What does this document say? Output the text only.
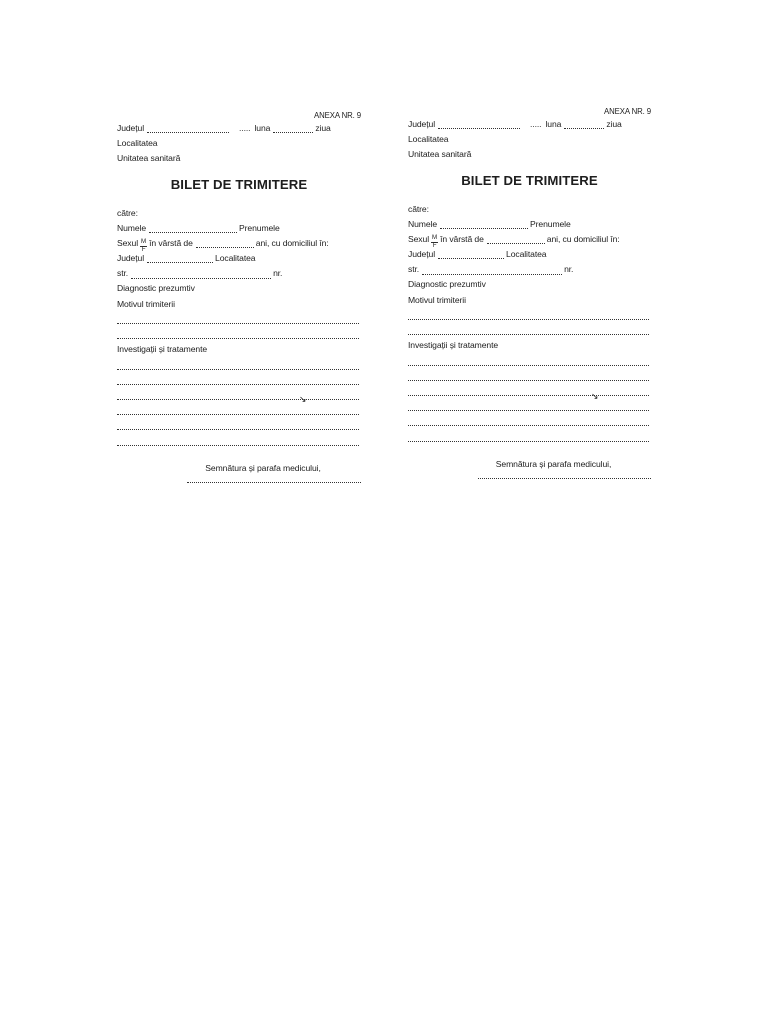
ANEXA NR. 9
Județul	..... luna	ziua
Localitatea
Unitatea sanitară
BILET DE TRIMITERE
către:
Numele	Prenumele
Sexul $\frac{M}{F}$ în vârstă de	ani, cu domiciliul în:
Județul	Localitatea
str.	nr.
Diagnostic prezumtiv
Motivul trimiterii
Investigații și tratamente
Semnătura și parafa medicului,
ANEXA NR. 9
Județul	..... luna	ziua
Localitatea
Unitatea sanitară
BILET DE TRIMITERE
către:
Numele	Prenumele
Sexul $\frac{M}{F}$ în vârstă de	ani, cu domiciliul în:
Județul	Localitatea
str.	nr.
Diagnostic prezumtiv
Motivul trimiterii
Investigații și tratamente
Semnătura și parafa medicului,
↘	↘
